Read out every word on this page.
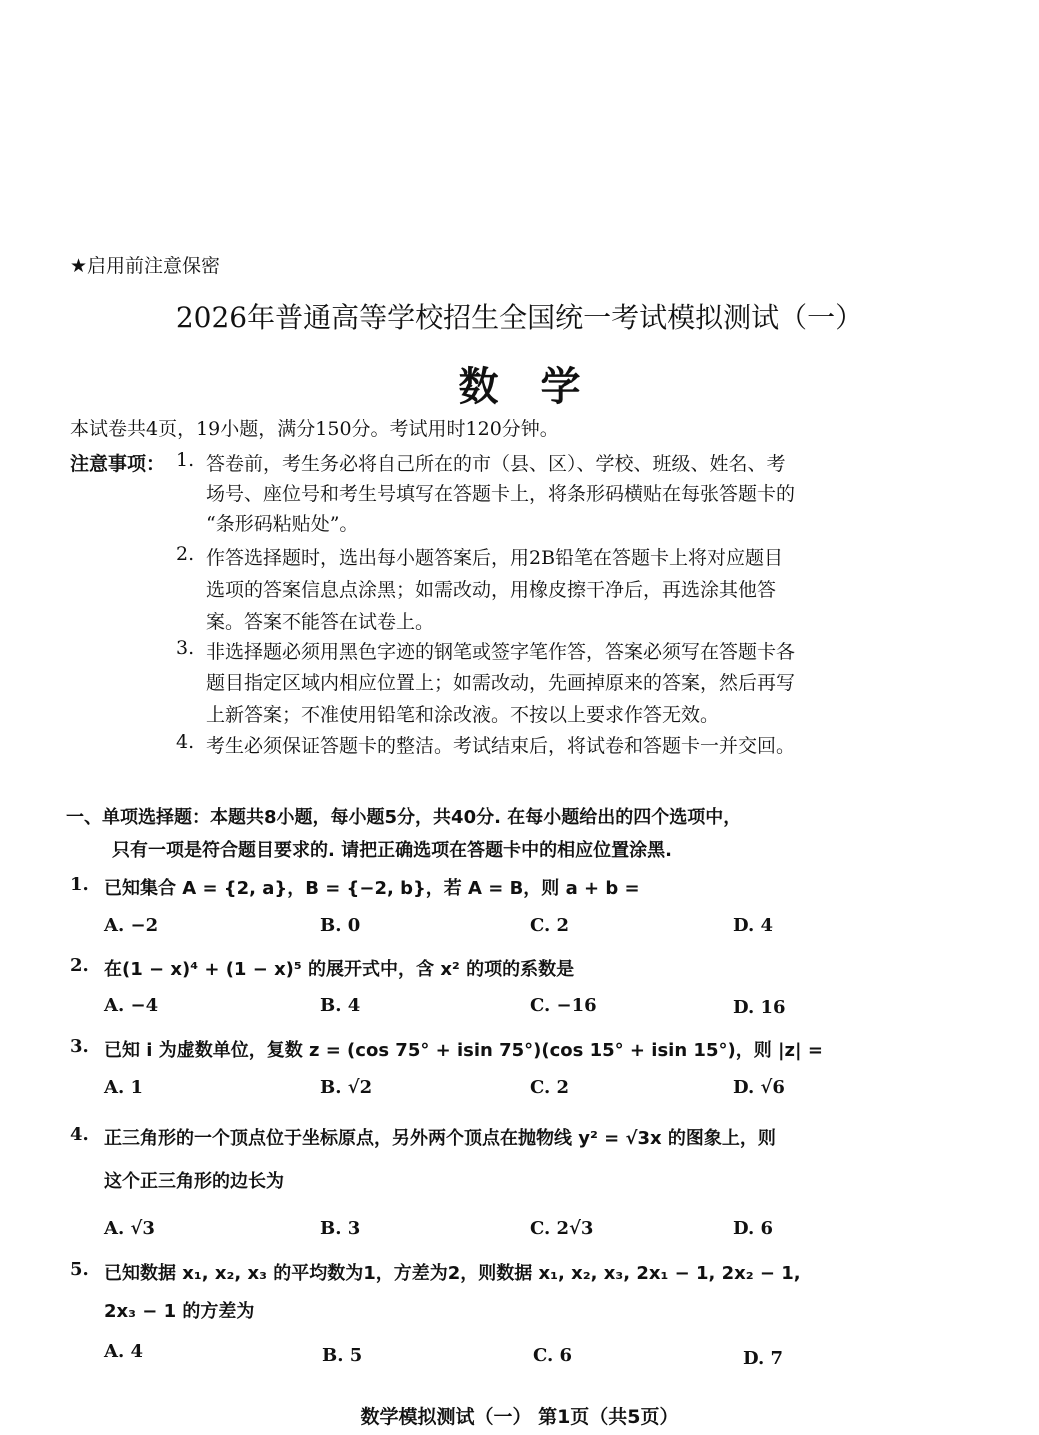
★启用前注意保密
2026年普通高等学校招生全国统一考试模拟测试（一）
数学
本试卷共4页，19小题，满分150分。考试用时120分钟。
注意事项： 1. 答卷前，考生务必将自己所在的市（县、区）、学校、班级、姓名、考
场号、座位号和考生号填写在答题卡上，将条形码横贴在每张答题卡的
“条形码粘贴处”。
2. 作答选择题时，选出每小题答案后，用2B铅笔在答题卡上将对应题目
选项的答案信息点涂黑；如需改动，用橡皮擦干净后，再选涂其他答
案。答案不能答在试卷上。
3. 非选择题必须用黑色字迹的钢笔或签字笔作答，答案必须写在答题卡各
题目指定区域内相应位置上；如需改动，先画掉原来的答案，然后再写
上新答案；不准使用铅笔和涂改液。不按以上要求作答无效。
4. 考生必须保证答题卡的整洁。考试结束后，将试卷和答题卡一并交回。
一、单项选择题：本题共8小题，每小题5分，共40分. 在每小题给出的四个选项中，
只有一项是符合题目要求的. 请把正确选项在答题卡中的相应位置涂黑.
1. 已知集合 A = {2, a}，B = {−2, b}，若 A = B，则 a + b =
A. −2	B. 0	C. 2	D. 4
2. 在(1 − x)⁴ + (1 − x)⁵ 的展开式中，含 x² 的项的系数是
A. −4	B. 4	C. −16	D. 16
3. 已知 i 为虚数单位，复数 z = (cos 75° + isin 75°)(cos 15° + isin 15°)，则 |z| =
A. 1	B. √2	C. 2	D. √6
4. 正三角形的一个顶点位于坐标原点，另外两个顶点在抛物线 y² = √3x 的图象上，则
这个正三角形的边长为
A. √3	B. 3	C. 2√3	D. 6
5. 已知数据 x₁, x₂, x₃ 的平均数为1，方差为2，则数据 x₁, x₂, x₃, 2x₁ − 1, 2x₂ − 1,
2x₃ − 1 的方差为
A. 4	B. 5	C. 6	D. 7
数学模拟测试（一） 第1页（共5页）
